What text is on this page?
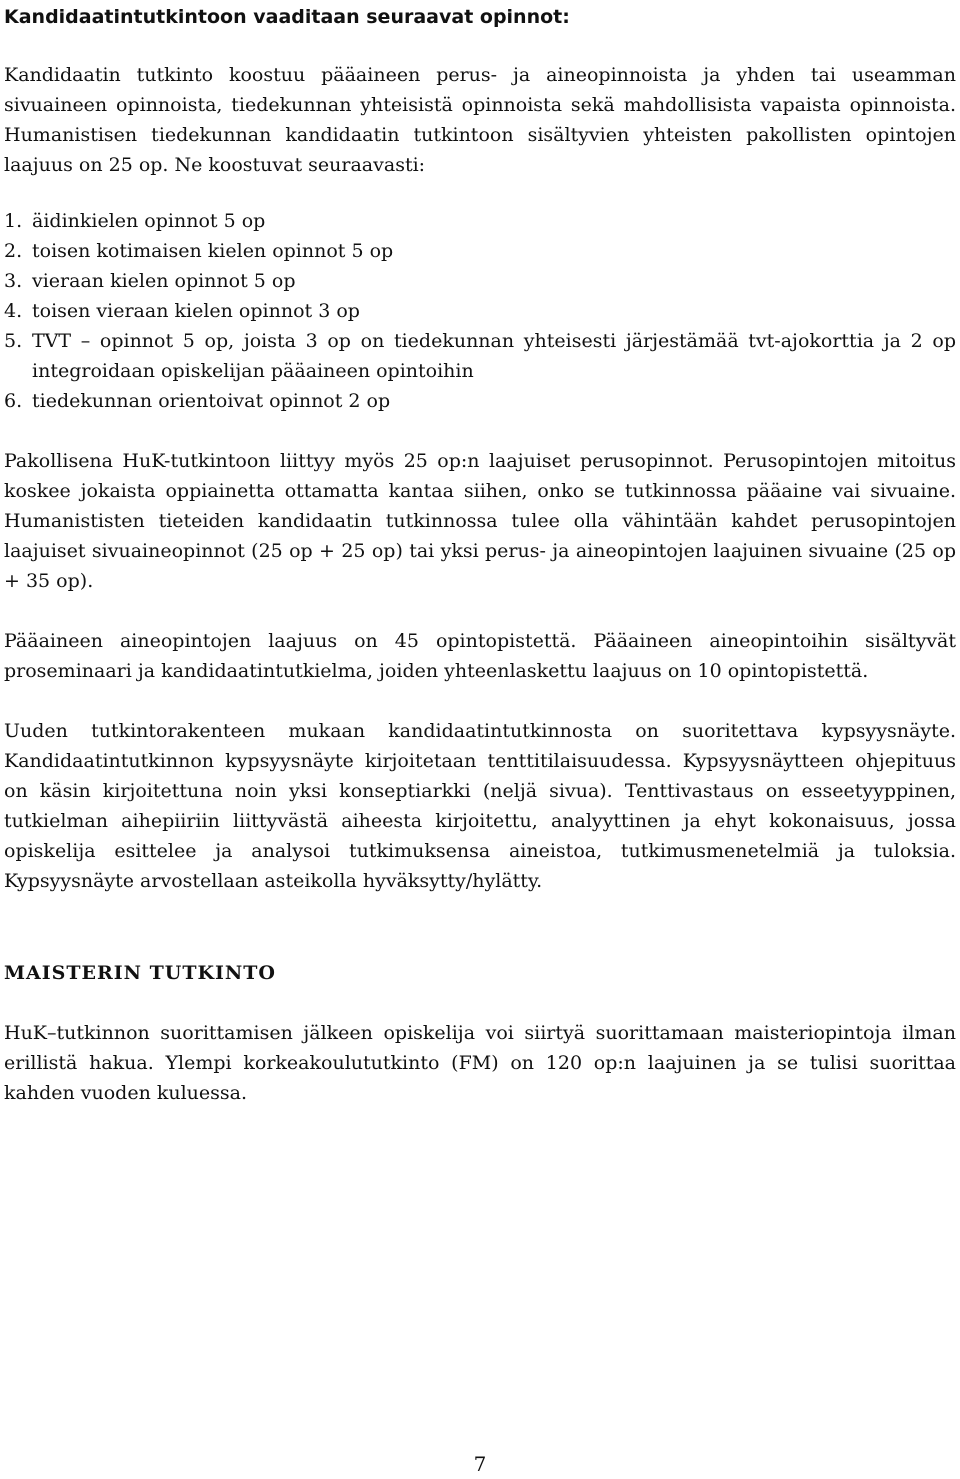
Kandidaatintutkintoon vaaditaan seuraavat opinnot:

Kandidaatin tutkinto koostuu pääaineen perus- ja aineopinnoista ja yhden tai useamman sivuaineen opinnoista, tiedekunnan yhteisistä opinnoista sekä mahdollisista vapaista opinnoista. Humanistisen tiedekunnan kandidaatin tutkintoon sisältyvien yhteisten pakollisten opintojen laajuus on 25 op. Ne koostuvat seuraavasti:

1. äidinkielen opinnot 5 op
2. toisen kotimaisen kielen opinnot 5 op
3. vieraan kielen opinnot 5 op
4. toisen vieraan kielen opinnot 3 op
5. TVT – opinnot 5 op, joista 3 op on tiedekunnan yhteisesti järjestämää tvt-ajokorttia ja 2 op integroidaan opiskelijan pääaineen opintoihin
6. tiedekunnan orientoivat opinnot 2 op

Pakollisena HuK-tutkintoon liittyy myös 25 op:n laajuiset perusopinnot. Perusopintojen mitoitus koskee jokaista oppiainetta ottamatta kantaa siihen, onko se tutkinnossa pääaine vai sivuaine. Humanististen tieteiden kandidaatin tutkinnossa tulee olla vähintään kahdet perusopintojen laajuiset sivuaineopinnot (25 op + 25 op) tai yksi perus- ja aineopintojen laajuinen sivuaine (25 op + 35 op).

Pääaineen aineopintojen laajuus on 45 opintopistettä. Pääaineen aineopintoihin sisältyvät proseminaari ja kandidaatintutkielma, joiden yhteenlaskettu laajuus on 10 opintopistettä.

Uuden tutkintorakenteen mukaan kandidaatintutkinnosta on suoritettava kypsyysnäyte. Kandidaatintutkinnon kypsyysnäyte kirjoitetaan tenttitilaisuudessa. Kypsyysnäytteen ohjepituus on käsin kirjoitettuna noin yksi konseptiarkki (neljä sivua). Tenttivastaus on esseetyyppinen, tutkielman aihepiiriin liittyvästä aiheesta kirjoitettu, analyyttinen ja ehyt kokonaisuus, jossa opiskelija esittelee ja analysoi tutkimuksensa aineistoa, tutkimusmenetelmiä ja tuloksia. Kypsyysnäyte arvostellaan asteikolla hyväksytty/hylätty.

MAISTERIN TUTKINTO

HuK–tutkinnon suorittamisen jälkeen opiskelija voi siirtyä suorittamaan maisteriopintoja ilman erillistä hakua. Ylempi korkeakoulututkinto (FM) on 120 op:n laajuinen ja se tulisi suorittaa kahden vuoden kuluessa.

7
